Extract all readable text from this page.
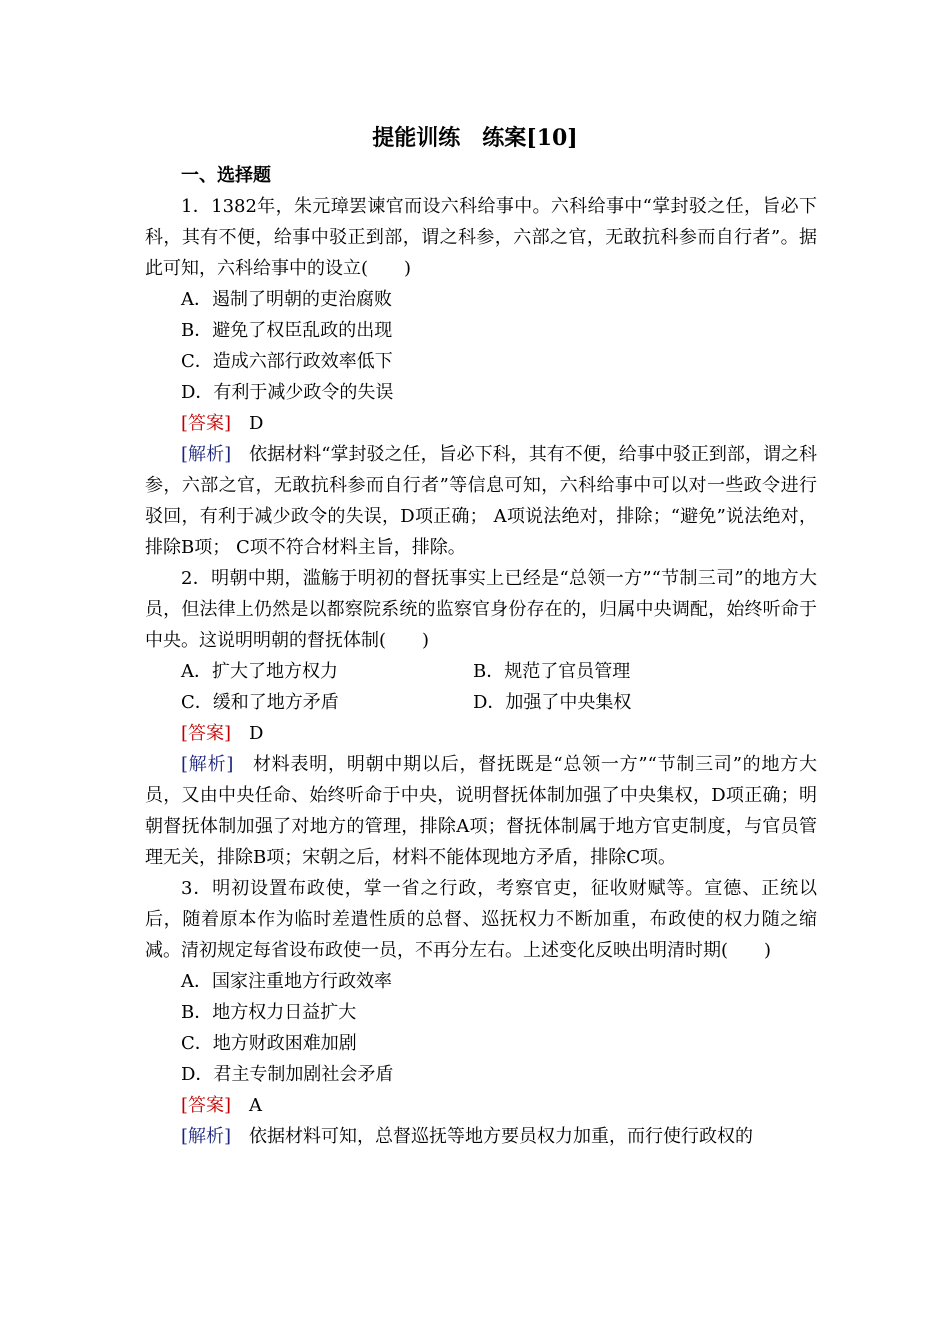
提能训练　练案[10]

一、选择题

1．1382年，朱元璋罢谏官而设六科给事中。六科给事中“掌封驳之任，旨必下科，其有不便，给事中驳正到部，谓之科参，六部之官，无敢抗科参而自行者”。据此可知，六科给事中的设立(　　)

A．遏制了明朝的吏治腐败

B．避免了权臣乱政的出现

C．造成六部行政效率低下

D．有利于减少政令的失误

[答案]　 D

[解析]　 依据材料“掌封驳之任，旨必下科，其有不便，给事中驳正到部，谓之科参，六部之官，无敢抗科参而自行者”等信息可知，六科给事中可以对一些政令进行驳回，有利于减少政令的失误，D项正确； A项说法绝对，排除；“避免”说法绝对，排除B项； C项不符合材料主旨，排除。

2．明朝中期，滥觞于明初的督抚事实上已经是“总领一方”“节制三司”的地方大员，但法律上仍然是以都察院系统的监察官身份存在的，归属中央调配，始终听命于中央。这说明明朝的督抚体制(　　)

A．扩大了地方权力	B．规范了官员管理
C．缓和了地方矛盾	D．加强了中央集权

[答案]　 D

[解析]　 材料表明，明朝中期以后，督抚既是“总领一方”“节制三司”的地方大员，又由中央任命、始终听命于中央，说明督抚体制加强了中央集权，D项正确；明朝督抚体制加强了对地方的管理，排除A项；督抚体制属于地方官吏制度，与官员管理无关，排除B项；宋朝之后，材料不能体现地方矛盾，排除C项。

3．明初设置布政使，掌一省之行政，考察官吏，征收财赋等。宣德、正统以后，随着原本作为临时差遣性质的总督、巡抚权力不断加重，布政使的权力随之缩减。清初规定每省设布政使一员，不再分左右。上述变化反映出明清时期(　　)

A．国家注重地方行政效率

B．地方权力日益扩大

C．地方财政困难加剧

D．君主专制加剧社会矛盾

[答案]　 A

[解析]　 依据材料可知，总督巡抚等地方要员权力加重，而行使行政权的
